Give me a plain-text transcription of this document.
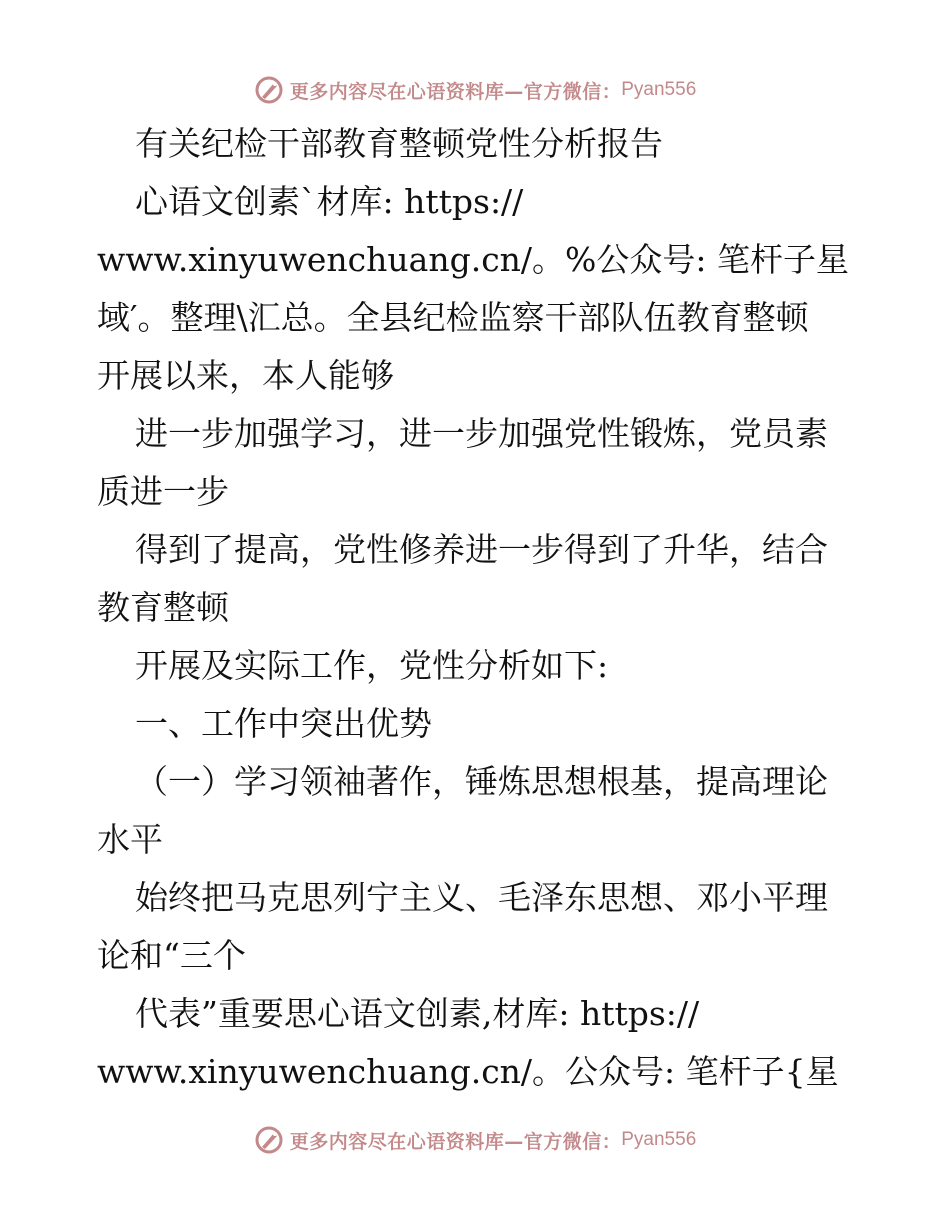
更多内容尽在心语资料库—官方微信： Pyan556
有关纪检干部教育整顿党性分析报告
心语文创素`材库: https://
www.xinyuwenchuang.cn/。%公众号: 笔杆子星
域′。整理\汇总。全县纪检监察干部队伍教育整顿
开展以来，本人能够
进一步加强学习，进一步加强党性锻炼，党员素
质进一步
得到了提高，党性修养进一步得到了升华，结合
教育整顿
开展及实际工作，党性分析如下:
一、工作中突出优势
（一）学习领袖著作，锤炼思想根基，提高理论
水平
始终把马克思列宁主义、毛泽东思想、邓小平理
论和“三个
代表”重要思心语文创素,材库: https://
www.xinyuwenchuang.cn/。公众号: 笔杆子{星
更多内容尽在心语资料库—官方微信： Pyan556
